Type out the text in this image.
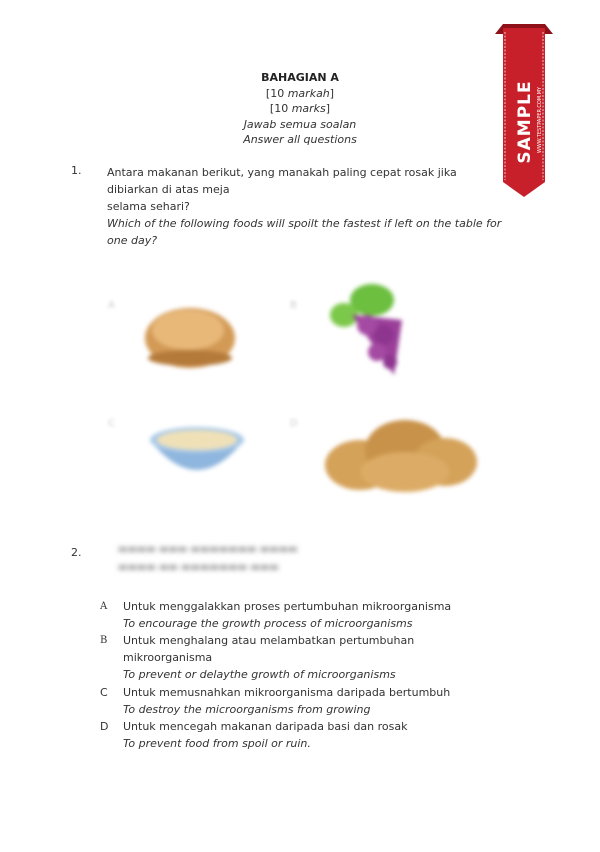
BAHAGIAN A
[10 markah]
[10 marks]
Jawab semua soalan
Answer all questions	SAMPLE WWW.TESTPAPER.COM.MY
1. Antara makanan berikut, yang manakah paling cepat rosak jika dibiarkan di atas meja
selama sehari?
Which of the following foods will spoilt the fastest if left on the table for one day?
A	B
C	D
2.	▬▬▬▬ ▬▬▬ ▬▬▬▬▬▬▬ ▬▬▬▬
▬▬▬▬ ▬▬ ▬▬▬▬▬▬▬ ▬▬▬
A	Untuk menggalakkan proses pertumbuhan mikroorganisma
To encourage the growth process of microorganisms
B	Untuk menghalang atau melambatkan pertumbuhan
mikroorganisma
To prevent or delaythe growth of microorganisms
C	Untuk memusnahkan mikroorganisma daripada bertumbuh
To destroy the microorganisms from growing
D	Untuk mencegah makanan daripada basi dan rosak
To prevent food from spoil or ruin.
